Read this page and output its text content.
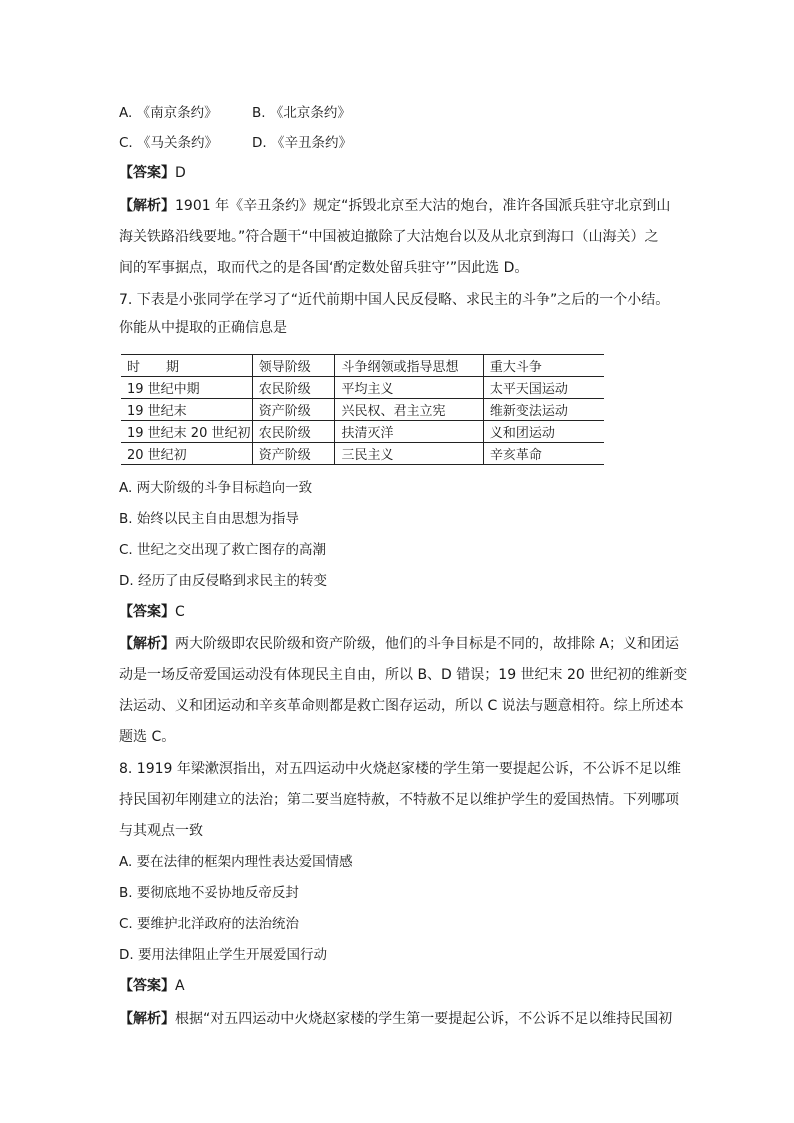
A. 《南京条约》	B. 《北京条约》
C. 《马关条约》	D. 《辛丑条约》
【答案】D
【解析】1901 年《辛丑条约》规定“拆毁北京至大沽的炮台，准许各国派兵驻守北京到山
海关铁路沿线要地。”符合题干“中国被迫撤除了大沽炮台以及从北京到海口（山海关）之
间的军事据点，取而代之的是各国‘酌定数处留兵驻守’”因此选 D。
7. 下表是小张同学在学习了“近代前期中国人民反侵略、求民主的斗争”之后的一个小结。
你能从中提取的正确信息是
时　　期	领导阶级	斗争纲领或指导思想	重大斗争
19 世纪中期	农民阶级	平均主义	太平天国运动
19 世纪末	资产阶级	兴民权、君主立宪	维新变法运动
19 世纪末 20 世纪初	农民阶级	扶清灭洋	义和团运动
20 世纪初	资产阶级	三民主义	辛亥革命
A. 两大阶级的斗争目标趋向一致
B. 始终以民主自由思想为指导
C. 世纪之交出现了救亡图存的高潮
D. 经历了由反侵略到求民主的转变
【答案】C
【解析】两大阶级即农民阶级和资产阶级，他们的斗争目标是不同的，故排除 A；义和团运
动是一场反帝爱国运动没有体现民主自由，所以 B、D 错误；19 世纪末 20 世纪初的维新变
法运动、义和团运动和辛亥革命则都是救亡图存运动，所以 C 说法与题意相符。综上所述本
题选 C。
8. 1919 年梁漱溟指出，对五四运动中火烧赵家楼的学生第一要提起公诉，不公诉不足以维
持民国初年刚建立的法治；第二要当庭特赦，不特赦不足以维护学生的爱国热情。下列哪项
与其观点一致
A. 要在法律的框架内理性表达爱国情感
B. 要彻底地不妥协地反帝反封
C. 要维护北洋政府的法治统治
D. 要用法律阻止学生开展爱国行动
【答案】A
【解析】根据“对五四运动中火烧赵家楼的学生第一要提起公诉，不公诉不足以维持民国初
